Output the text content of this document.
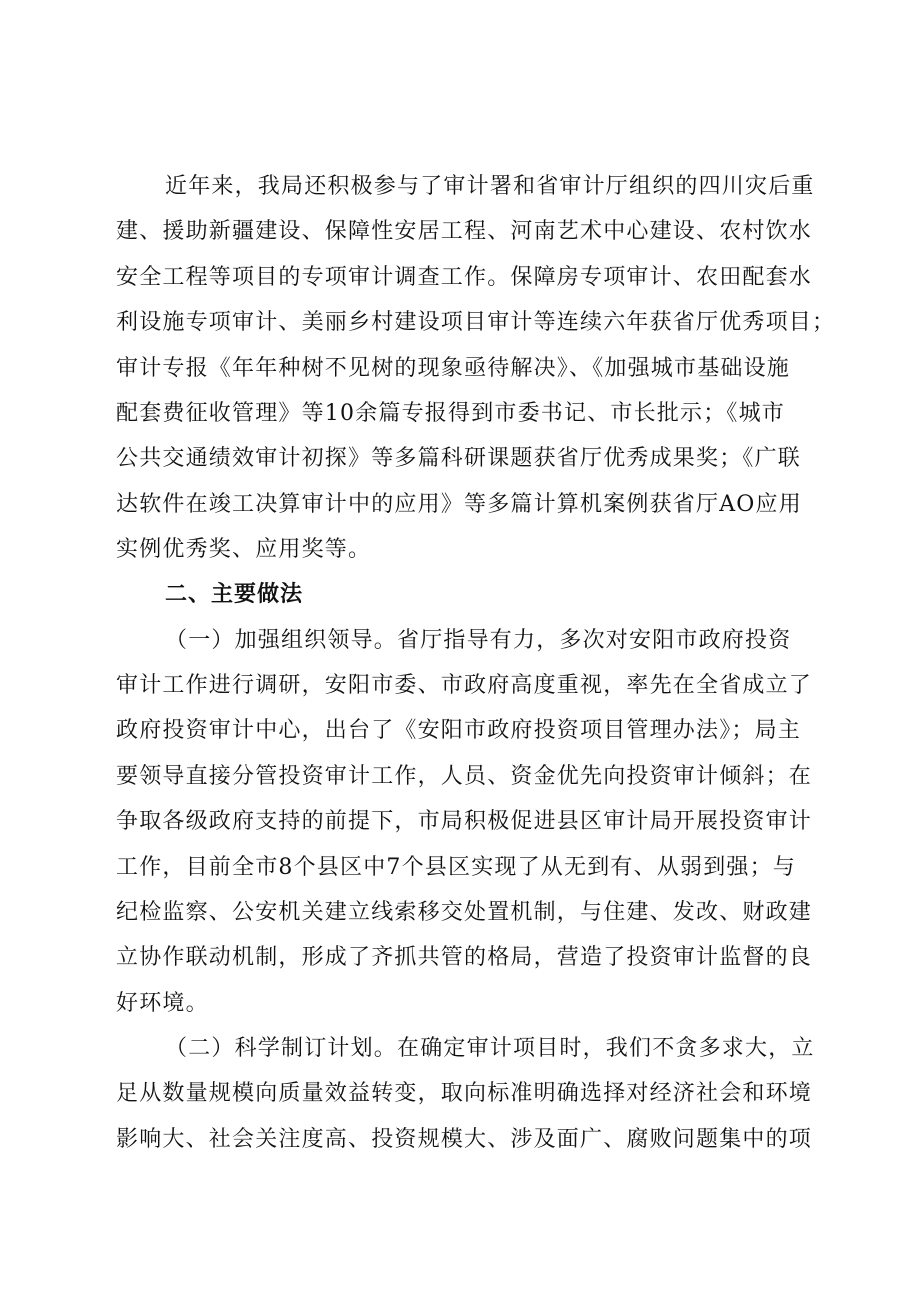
近年来，我局还积极参与了审计署和省审计厅组织的四川灾后重
建、援助新疆建设、保障性安居工程、河南艺术中心建设、农村饮水
安全工程等项目的专项审计调查工作。保障房专项审计、农田配套水
利设施专项审计、美丽乡村建设项目审计等连续六年获省厅优秀项目；
审计专报《年年种树不见树的现象亟待解决》、《加强城市基础设施
配套费征收管理》等10余篇专报得到市委书记、市长批示；《城市
公共交通绩效审计初探》等多篇科研课题获省厅优秀成果奖；《广联
达软件在竣工决算审计中的应用》等多篇计算机案例获省厅AO应用
实例优秀奖、应用奖等。
二、主要做法
（一）加强组织领导。省厅指导有力，多次对安阳市政府投资
审计工作进行调研，安阳市委、市政府高度重视，率先在全省成立了
政府投资审计中心，出台了《安阳市政府投资项目管理办法》；局主
要领导直接分管投资审计工作，人员、资金优先向投资审计倾斜；在
争取各级政府支持的前提下，市局积极促进县区审计局开展投资审计
工作，目前全市8个县区中7个县区实现了从无到有、从弱到强；与
纪检监察、公安机关建立线索移交处置机制，与住建、发改、财政建
立协作联动机制，形成了齐抓共管的格局，营造了投资审计监督的良
好环境。
（二）科学制订计划。在确定审计项目时，我们不贪多求大，立
足从数量规模向质量效益转变，取向标准明确选择对经济社会和环境
影响大、社会关注度高、投资规模大、涉及面广、腐败问题集中的项
